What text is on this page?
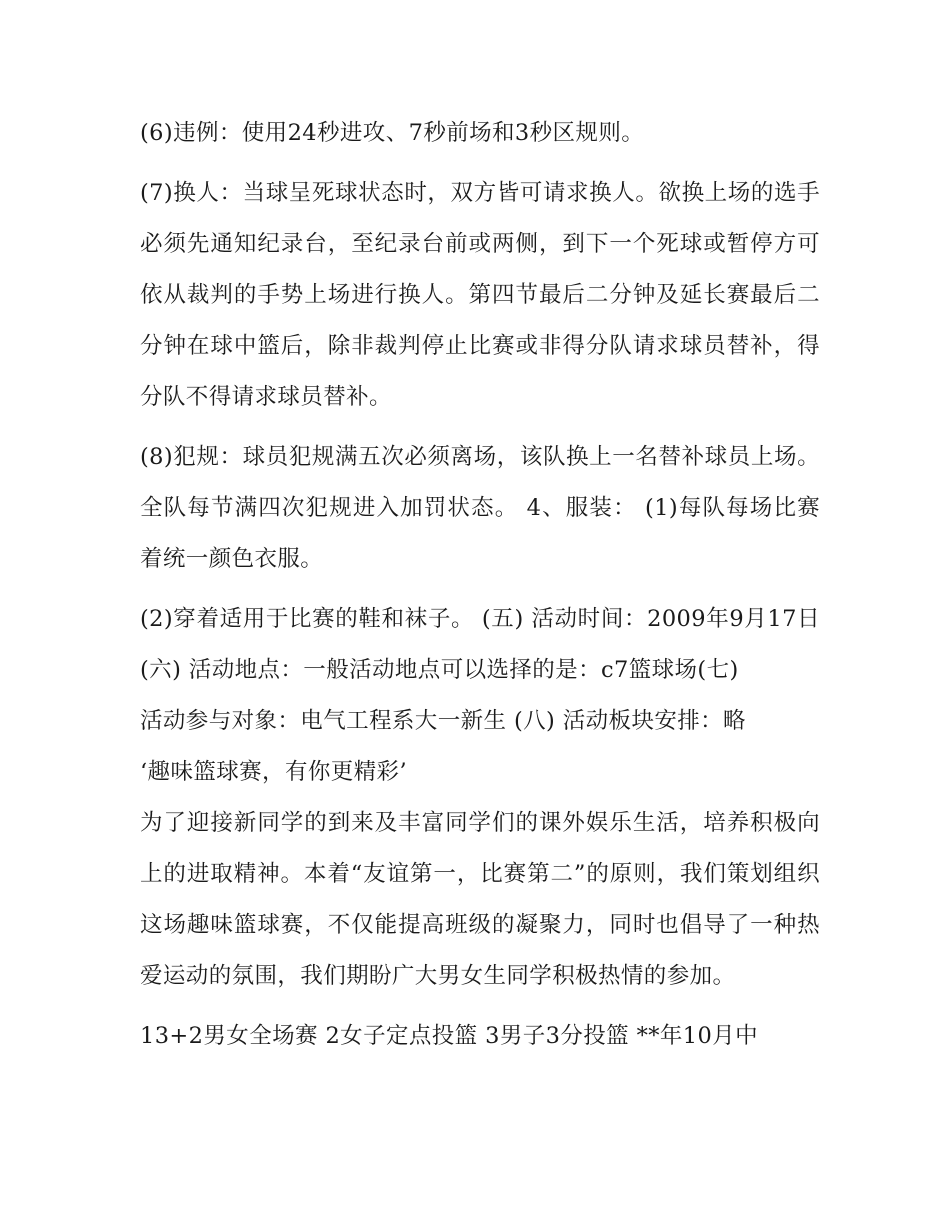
(6)违例：使用24秒进攻、7秒前场和3秒区规则。

(7)换人：当球呈死球状态时，双方皆可请求换人。欲换上场的选手必须先通知纪录台，至纪录台前或两侧，到下一个死球或暂停方可依从裁判的手势上场进行换人。第四节最后二分钟及延长赛最后二分钟在球中篮后，除非裁判停止比赛或非得分队请求球员替补，得分队不得请求球员替补。

(8)犯规：球员犯规满五次必须离场，该队换上一名替补球员上场。全队每节满四次犯规进入加罚状态。 4、服装： (1)每队每场比赛着统一颜色衣服。

(2)穿着适用于比赛的鞋和袜子。 (五) 活动时间：2009年9月17日 (六) 活动地点：一般活动地点可以选择的是：c7篮球场(七)

活动参与对象：电气工程系大一新生 (八) 活动板块安排：略

‘趣味篮球赛，有你更精彩’

为了迎接新同学的到来及丰富同学们的课外娱乐生活，培养积极向上的进取精神。本着“友谊第一，比赛第二”的原则，我们策划组织这场趣味篮球赛，不仅能提高班级的凝聚力，同时也倡导了一种热爱运动的氛围，我们期盼广大男女生同学积极热情的参加。

13+2男女全场赛 2女子定点投篮 3男子3分投篮 **年10月中
